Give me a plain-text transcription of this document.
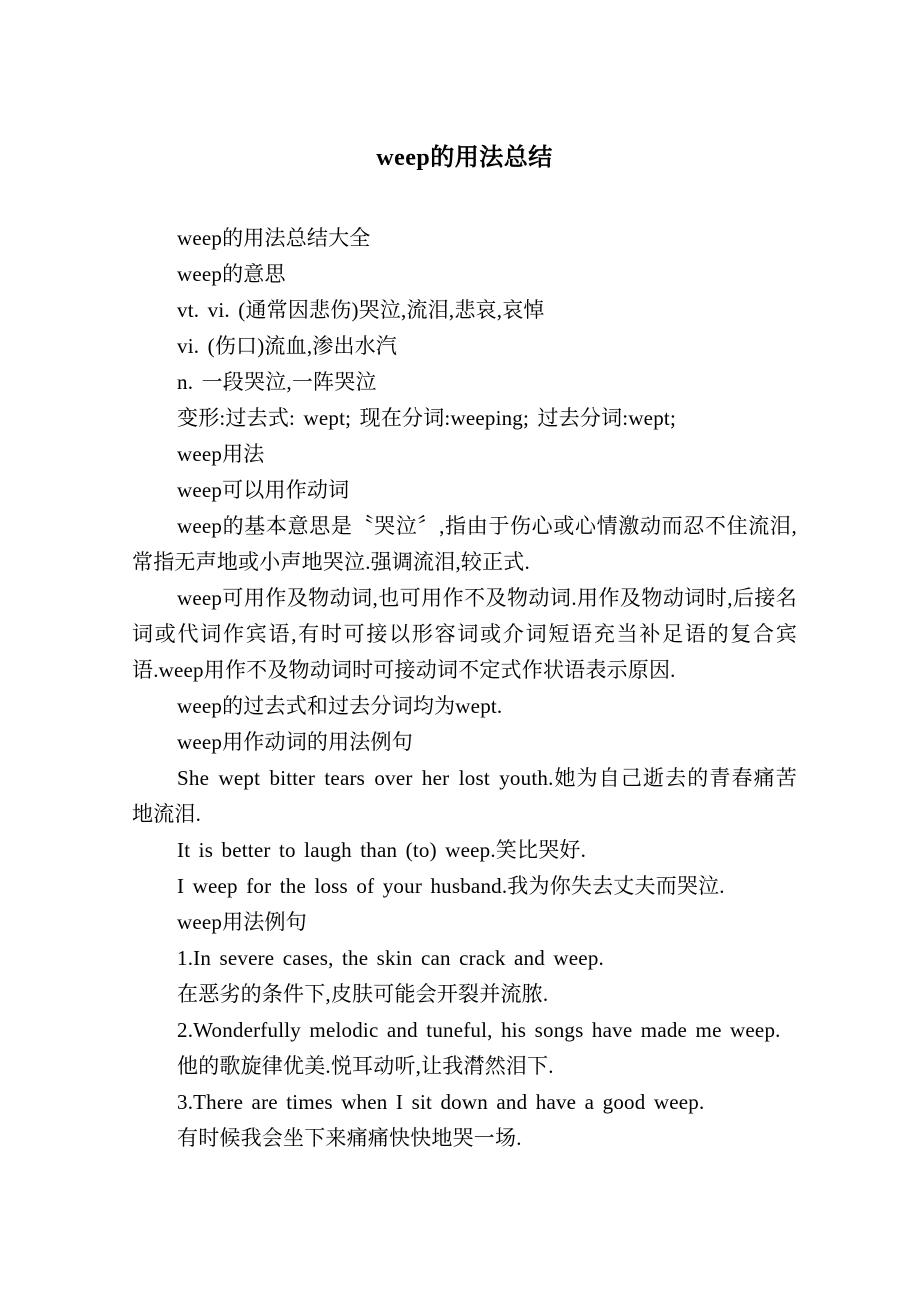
weep的用法总结

weep的用法总结大全

weep的意思

vt. vi. (通常因悲伤)哭泣,流泪,悲哀,哀悼

vi. (伤口)流血,渗出水汽

n. 一段哭泣,一阵哭泣

变形:过去式: wept; 现在分词:weeping; 过去分词:wept;

weep用法

weep可以用作动词

weep的基本意思是〝哭泣〞,指由于伤心或心情激动而忍不住流泪,常指无声地或小声地哭泣.强调流泪,较正式.

weep可用作及物动词,也可用作不及物动词.用作及物动词时,后接名词或代词作宾语,有时可接以形容词或介词短语充当补足语的复合宾语.weep用作不及物动词时可接动词不定式作状语表示原因.

weep的过去式和过去分词均为wept.

weep用作动词的用法例句

She wept bitter tears over her lost youth.她为自己逝去的青春痛苦地流泪.

It is better to laugh than (to) weep.笑比哭好.

I weep for the loss of your husband.我为你失去丈夫而哭泣.

weep用法例句

1.In severe cases, the skin can crack and weep.

在恶劣的条件下,皮肤可能会开裂并流脓.

2.Wonderfully melodic and tuneful, his songs have made me weep.

他的歌旋律优美.悦耳动听,让我潸然泪下.

3.There are times when I sit down and have a good weep.

有时候我会坐下来痛痛快快地哭一场.
